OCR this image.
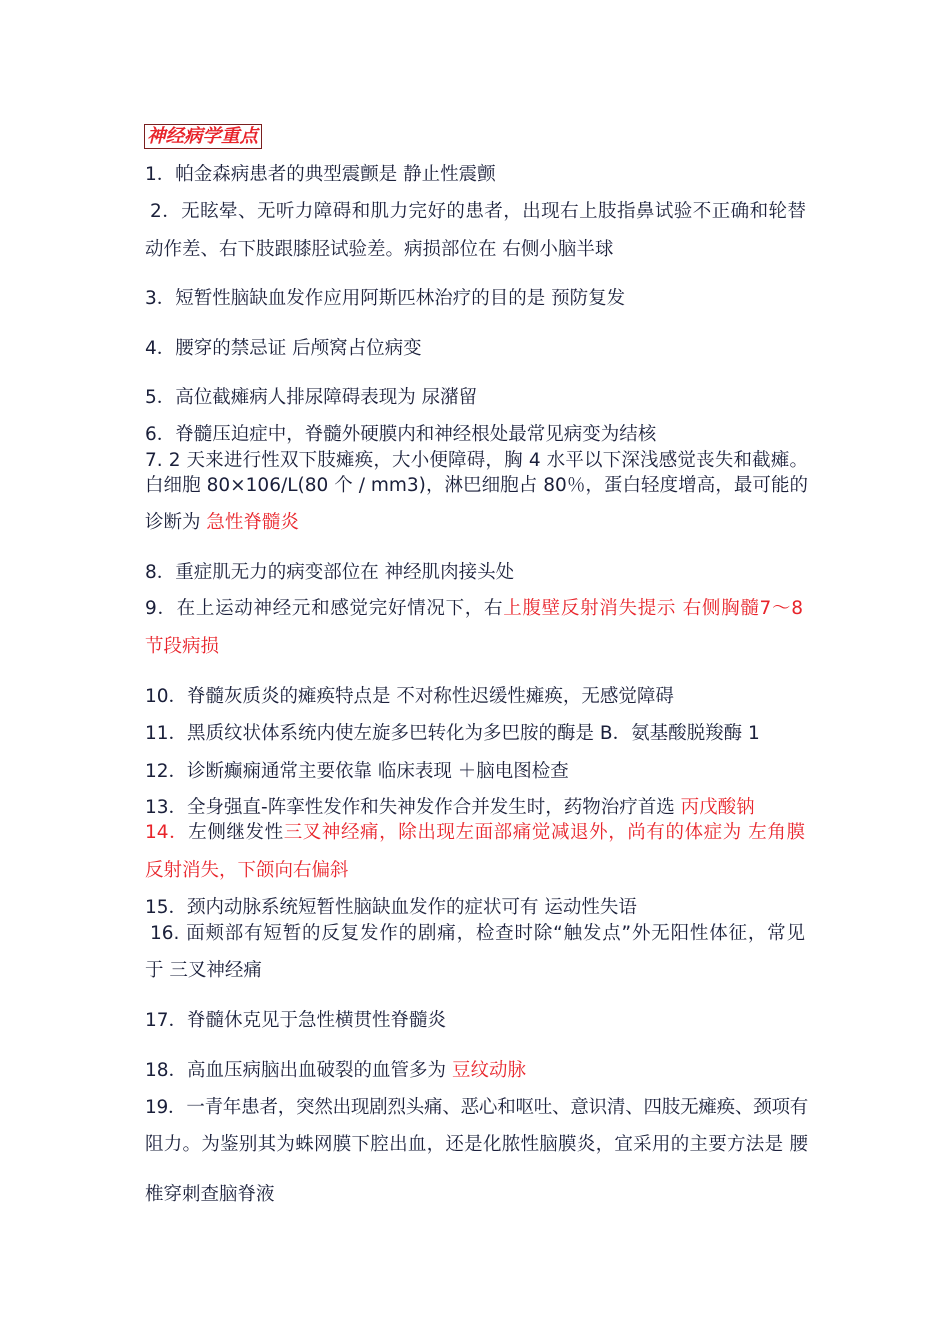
神经病学重点
1．帕金森病患者的典型震颤是 静止性震颤
2．无眩晕、无听力障碍和肌力完好的患者，出现右上肢指鼻试验不正确和轮替
动作差、右下肢跟膝胫试验差。病损部位在 右侧小脑半球
3．短暂性脑缺血发作应用阿斯匹林治疗的目的是 预防复发
4．腰穿的禁忌证 后颅窝占位病变
5．高位截瘫病人排尿障碍表现为 尿潴留
6．脊髓压迫症中，脊髓外硬膜内和神经根处最常见病变为结核
7. 2 天来进行性双下肢瘫痪，大小便障碍，胸 4 水平以下深浅感觉丧失和截瘫。
白细胞 80×106/L(80 个 / mm3)，淋巴细胞占 80％，蛋白轻度增高，最可能的
诊断为 急性脊髓炎
8．重症肌无力的病变部位在 神经肌肉接头处
9．在上运动神经元和感觉完好情况下，右上腹壁反射消失提示 右侧胸髓7～8
节段病损
10．脊髓灰质炎的瘫痪特点是 不对称性迟缓性瘫痪，无感觉障碍
11．黑质纹状体系统内使左旋多巴转化为多巴胺的酶是 B．氨基酸脱羧酶 1
12．诊断癫痫通常主要依靠 临床表现 ＋脑电图检查
13．全身强直-阵挛性发作和失神发作合并发生时，药物治疗首选 丙戊酸钠
14．左侧继发性三叉神经痛，除出现左面部痛觉减退外，尚有的体症为 左角膜
反射消失，下颌向右偏斜
15．颈内动脉系统短暂性脑缺血发作的症状可有 运动性失语
16. 面颊部有短暂的反复发作的剧痛，检查时除“触发点”外无阳性体征，常见
于 三叉神经痛
17．脊髓休克见于急性横贯性脊髓炎
18．高血压病脑出血破裂的血管多为 豆纹动脉
19．一青年患者，突然出现剧烈头痛、恶心和呕吐、意识清、四肢无瘫痪、颈项有
阻力。为鉴别其为蛛网膜下腔出血，还是化脓性脑膜炎，宜采用的主要方法是 腰
椎穿刺查脑脊液
